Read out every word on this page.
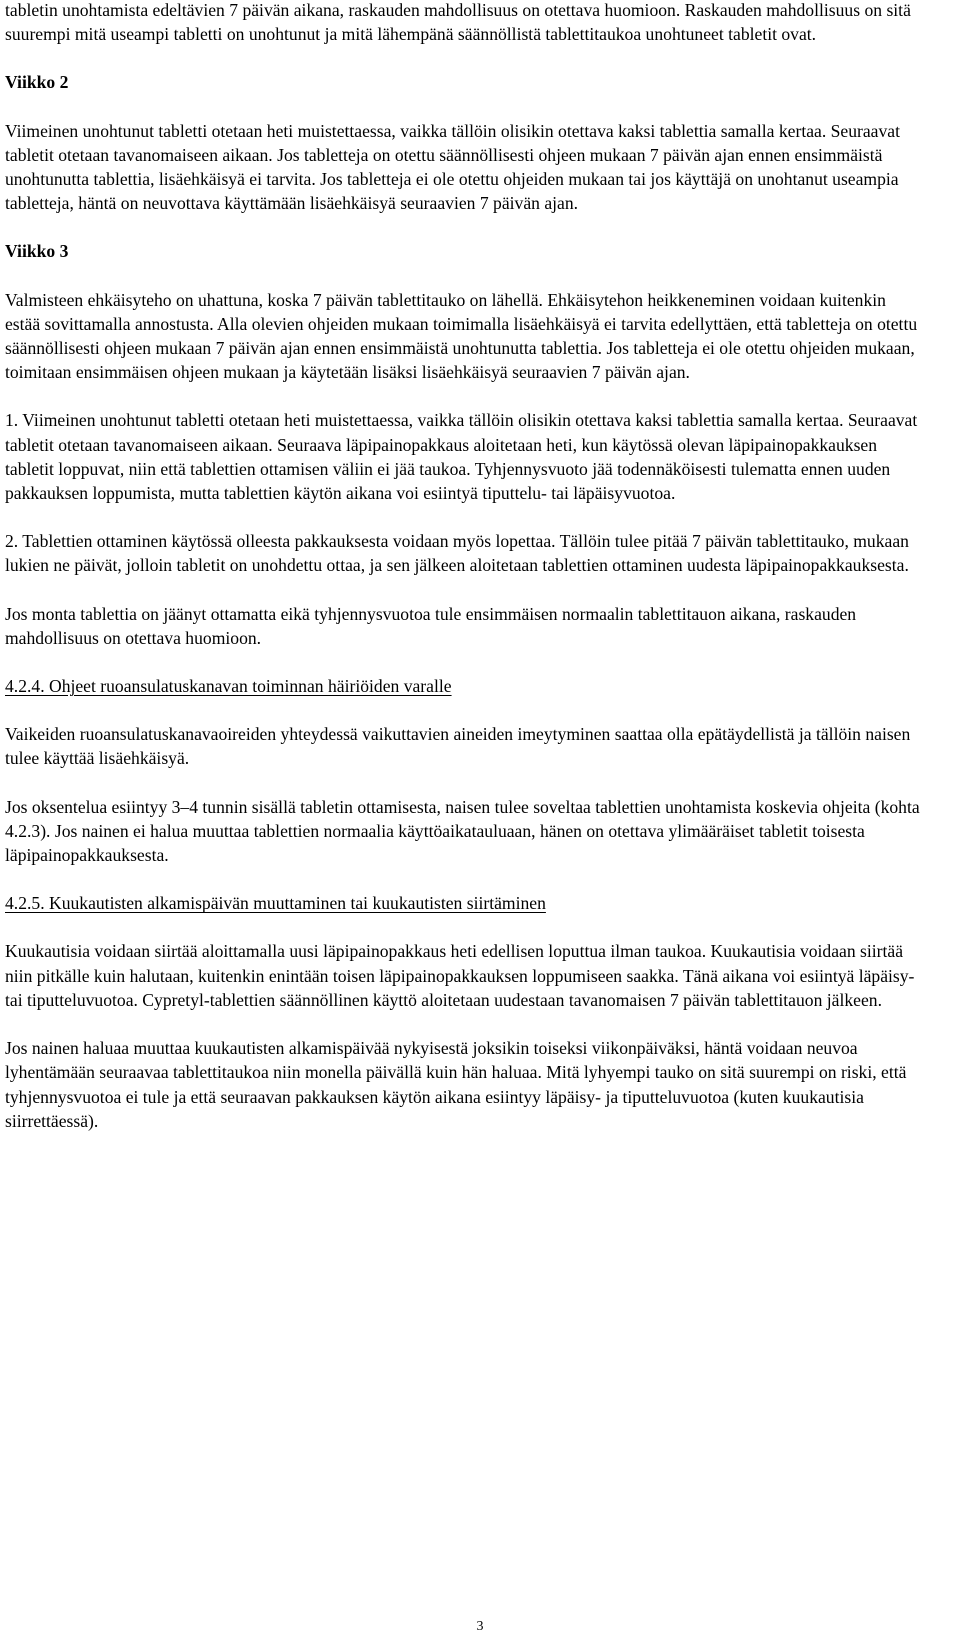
tabletin unohtamista edeltävien 7 päivän aikana, raskauden mahdollisuus on otettava huomioon. Raskauden mahdollisuus on sitä suurempi mitä useampi tabletti on unohtunut ja mitä lähempänä säännöllistä tablettitaukoa unohtuneet tabletit ovat.

Viikko 2

Viimeinen unohtunut tabletti otetaan heti muistettaessa, vaikka tällöin olisikin otettava kaksi tablettia samalla kertaa. Seuraavat tabletit otetaan tavanomaiseen aikaan. Jos tabletteja on otettu säännöllisesti ohjeen mukaan 7 päivän ajan ennen ensimmäistä unohtunutta tablettia, lisäehkäisyä ei tarvita. Jos tabletteja ei ole otettu ohjeiden mukaan tai jos käyttäjä on unohtanut useampia tabletteja, häntä on neuvottava käyttämään lisäehkäisyä seuraavien 7 päivän ajan.

Viikko 3

Valmisteen ehkäisyteho on uhattuna, koska 7 päivän tablettitauko on lähellä. Ehkäisytehon heikkeneminen voidaan kuitenkin estää sovittamalla annostusta. Alla olevien ohjeiden mukaan toimimalla lisäehkäisyä ei tarvita edellyttäen, että tabletteja on otettu säännöllisesti ohjeen mukaan 7 päivän ajan ennen ensimmäistä unohtunutta tablettia. Jos tabletteja ei ole otettu ohjeiden mukaan, toimitaan ensimmäisen ohjeen mukaan ja käytetään lisäksi lisäehkäisyä seuraavien 7 päivän ajan.

1. Viimeinen unohtunut tabletti otetaan heti muistettaessa, vaikka tällöin olisikin otettava kaksi tablettia samalla kertaa. Seuraavat tabletit otetaan tavanomaiseen aikaan. Seuraava läpipainopakkaus aloitetaan heti, kun käytössä olevan läpipainopakkauksen tabletit loppuvat, niin että tablettien ottamisen väliin ei jää taukoa. Tyhjennysvuoto jää todennäköisesti tulematta ennen uuden pakkauksen loppumista, mutta tablettien käytön aikana voi esiintyä tiputtelu- tai läpäisyvuotoa.

2. Tablettien ottaminen käytössä olleesta pakkauksesta voidaan myös lopettaa. Tällöin tulee pitää 7 päivän tablettitauko, mukaan lukien ne päivät, jolloin tabletit on unohdettu ottaa, ja sen jälkeen aloitetaan tablettien ottaminen uudesta läpipainopakkauksesta.

Jos monta tablettia on jäänyt ottamatta eikä tyhjennysvuotoa tule ensimmäisen normaalin tablettitauon aikana, raskauden mahdollisuus on otettava huomioon.

4.2.4. Ohjeet ruoansulatuskanavan toiminnan häiriöiden varalle

Vaikeiden ruoansulatuskanavaoireiden yhteydessä vaikuttavien aineiden imeytyminen saattaa olla epätäydellistä ja tällöin naisen tulee käyttää lisäehkäisyä.

Jos oksentelua esiintyy 3–4 tunnin sisällä tabletin ottamisesta, naisen tulee soveltaa tablettien unohtamista koskevia ohjeita (kohta 4.2.3). Jos nainen ei halua muuttaa tablettien normaalia käyttöaikatauluaan, hänen on otettava ylimääräiset tabletit toisesta läpipainopakkauksesta.

4.2.5. Kuukautisten alkamispäivän muuttaminen tai kuukautisten siirtäminen

Kuukautisia voidaan siirtää aloittamalla uusi läpipainopakkaus heti edellisen loputtua ilman taukoa. Kuukautisia voidaan siirtää niin pitkälle kuin halutaan, kuitenkin enintään toisen läpipainopakkauksen loppumiseen saakka. Tänä aikana voi esiintyä läpäisy- tai tiputteluvuotoa. Cypretyl-tablettien säännöllinen käyttö aloitetaan uudestaan tavanomaisen 7 päivän tablettitauon jälkeen.

Jos nainen haluaa muuttaa kuukautisten alkamispäivää nykyisestä joksikin toiseksi viikonpäiväksi, häntä voidaan neuvoa lyhentämään seuraavaa tablettitaukoa niin monella päivällä kuin hän haluaa. Mitä lyhyempi tauko on sitä suurempi on riski, että tyhjennysvuotoa ei tule ja että seuraavan pakkauksen käytön aikana esiintyy läpäisy- ja tiputteluvuotoa (kuten kuukautisia siirrettäessä).

3
